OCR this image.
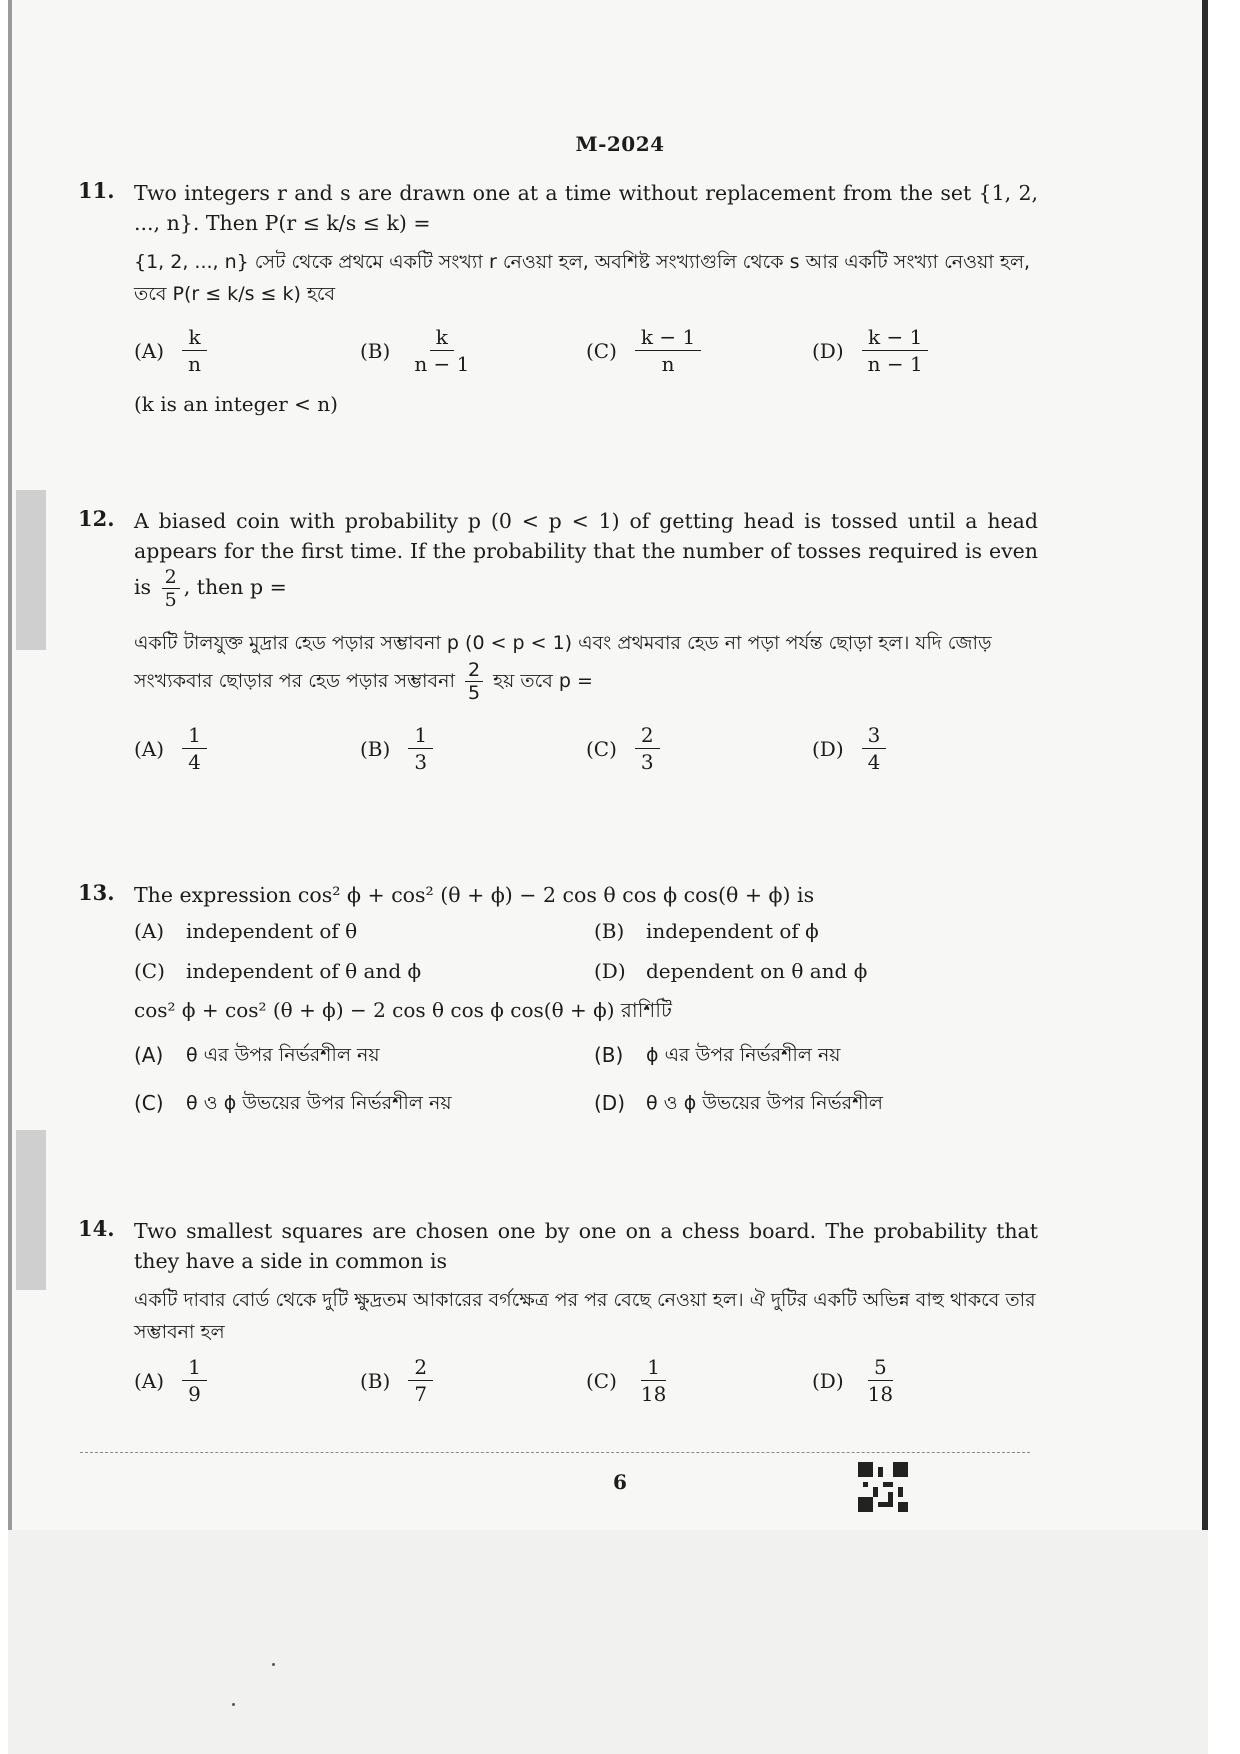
M-2024
11. Two integers r and s are drawn one at a time without replacement from the set {1, 2, ..., n}. Then P(r ≤ k/s ≤ k) =
{1, 2, ..., n} সেট থেকে প্রথমে একটি সংখ্যা r নেওয়া হল, অবশিষ্ট সংখ্যাগুলি থেকে s আর একটি সংখ্যা নেওয়া হল, তবে P(r ≤ k/s ≤ k) হবে
$(A) \frac{k}{n}$	$(B) \frac{k}{n - 1}$	$(C) \frac{k - 1}{n}$	$(D) \frac{k - 1}{n - 1}$
(k is an integer < n)
12. A biased coin with probability p (0 < p < 1) of getting head is tossed until a head appears for the first time. If the probability that the number of tosses required is even is $\frac{2}{5}$ , then p =
একটি টালযুক্ত মুদ্রার হেড পড়ার সম্ভাবনা p (0 < p < 1) এবং প্রথমবার হেড না পড়া পর্যন্ত ছোড়া হল। যদি জোড় সংখ্যকবার ছোড়ার পর হেড পড়ার সম্ভাবনা $\frac{2}{5}$ হয় তবে p =
$(A) \frac{1}{4}$	$(B) \frac{1}{3}$	$(C) \frac{2}{3}$	$(D) \frac{3}{4}$
13. The expression cos² ϕ + cos² (θ + ϕ) − 2 cos θ cos ϕ cos(θ + ϕ) is
(A)	independent of θ	(B)	independent of ϕ
(C)	independent of θ and ϕ	(D)	dependent on θ and ϕ
cos² ϕ + cos² (θ + ϕ) − 2 cos θ cos ϕ cos(θ + ϕ) রাশিটি
(A)	θ এর উপর নির্ভরশীল নয়	(B)	ϕ এর উপর নির্ভরশীল নয়
(C)	θ ও ϕ উভয়ের উপর নির্ভরশীল নয়	(D)	θ ও ϕ উভয়ের উপর নির্ভরশীল
14. Two smallest squares are chosen one by one on a chess board. The probability that they have a side in common is
একটি দাবার বোর্ড থেকে দুটি ক্ষুদ্রতম আকারের বর্গক্ষেত্র পর পর বেছে নেওয়া হল। ঐ দুটির একটি অভিন্ন বাহু থাকবে তার সম্ভাবনা হল
$(A) \frac{1}{9}$	$(B) \frac{2}{7}$	$(C) \frac{1}{18}$	$(D) \frac{5}{18}$
6
